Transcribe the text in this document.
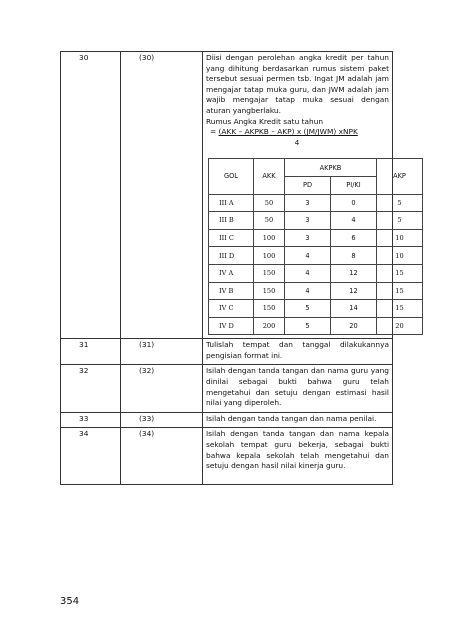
30	(30)	Diisi dengan perolehan angka kredit per tahun yang dihitung berdasarkan rumus sistem paket tersebut sesuai permen tsb. Ingat JM adalah jam mengajar tatap muka guru, dan JWM adalah jam wajib mengajar tatap muka sesuai dengan aturan yangberlaku.
Rumus Angka Kredit satu tahun
= (AKK – AKPKB – AKP) x (JM/JWM) xNPK
4
GOL	AKK	AKPKB	AKP
PD	PI/KI
III A	50	3	0	5
III B	50	3	4	5
III C	100	3	6	10
III D	100	4	8	10
IV A	150	4	12	15
IV B	150	4	12	15
IV C	150	5	14	15
IV D	200	5	20	20

31	(31)	Tulislah tempat dan tanggal dilakukannya pengisian format ini.
32	(32)	Isilah dengan tanda tangan dan nama guru yang dinilai sebagai bukti bahwa guru telah mengetahui dan setuju dengan estimasi hasil nilai yang diperoleh.
33	(33)	Isilah dengan tanda tangan dan nama penilai.
34	(34)	Isilah dengan tanda tangan dan nama kepala sekolah tempat guru bekerja, sebagai bukti bahwa kepala sekolah telah mengetahui dan setuju dengan hasil nilai kinerja guru.
354
